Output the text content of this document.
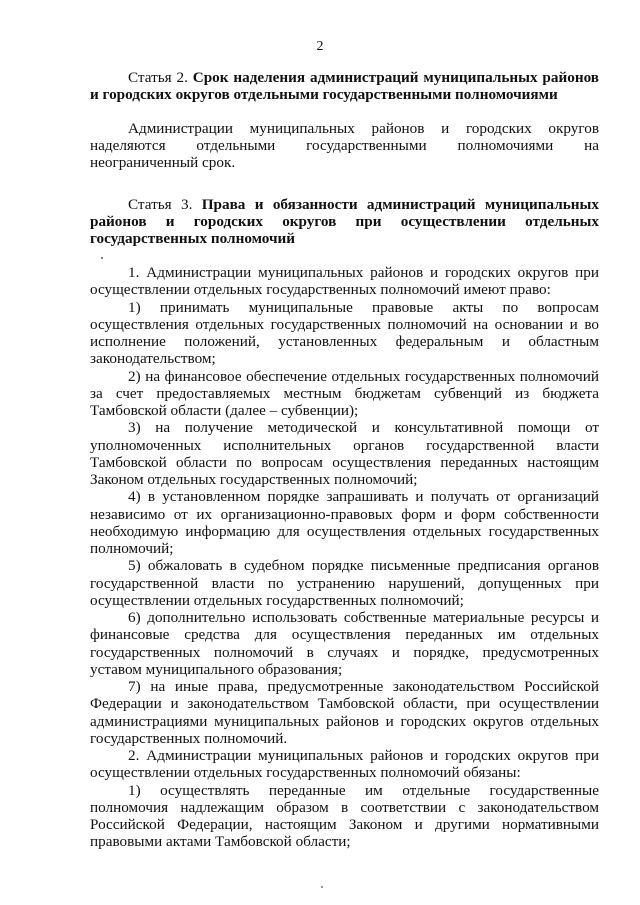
2
Статья 2. Срок наделения администраций муниципальных районов
и городских округов отдельными государственными полномочиями
Администрации муниципальных районов и городских округов
наделяются отдельными государственными полномочиями на
неограниченный срок.
Статья 3. Права и обязанности администраций муниципальных
районов и городских округов при осуществлении отдельных
государственных полномочий
1. Администрации муниципальных районов и городских округов при
осуществлении отдельных государственных полномочий имеют право:
1) принимать муниципальные правовые акты по вопросам
осуществления отдельных государственных полномочий на основании и во
исполнение положений, установленных федеральным и областным
законодательством;
2) на финансовое обеспечение отдельных государственных полномочий
за счет предоставляемых местным бюджетам субвенций из бюджета
Тамбовской области (далее – субвенции);
3) на получение методической и консультативной помощи от
уполномоченных исполнительных органов государственной власти
Тамбовской области по вопросам осуществления переданных настоящим
Законом отдельных государственных полномочий;
4) в установленном порядке запрашивать и получать от организаций
независимо от их организационно-правовых форм и форм собственности
необходимую информацию для осуществления отдельных государственных
полномочий;
5) обжаловать в судебном порядке письменные предписания органов
государственной власти по устранению нарушений, допущенных при
осуществлении отдельных государственных полномочий;
6) дополнительно использовать собственные материальные ресурсы и
финансовые средства для осуществления переданных им отдельных
государственных полномочий в случаях и порядке, предусмотренных
уставом муниципального образования;
7) на иные права, предусмотренные законодательством Российской
Федерации и законодательством Тамбовской области, при осуществлении
администрациями муниципальных районов и городских округов отдельных
государственных полномочий.
2. Администрации муниципальных районов и городских округов при
осуществлении отдельных государственных полномочий обязаны:
1) осуществлять переданные им отдельные государственные
полномочия надлежащим образом в соответствии с законодательством
Российской Федерации, настоящим Законом и другими нормативными
правовыми актами Тамбовской области;
